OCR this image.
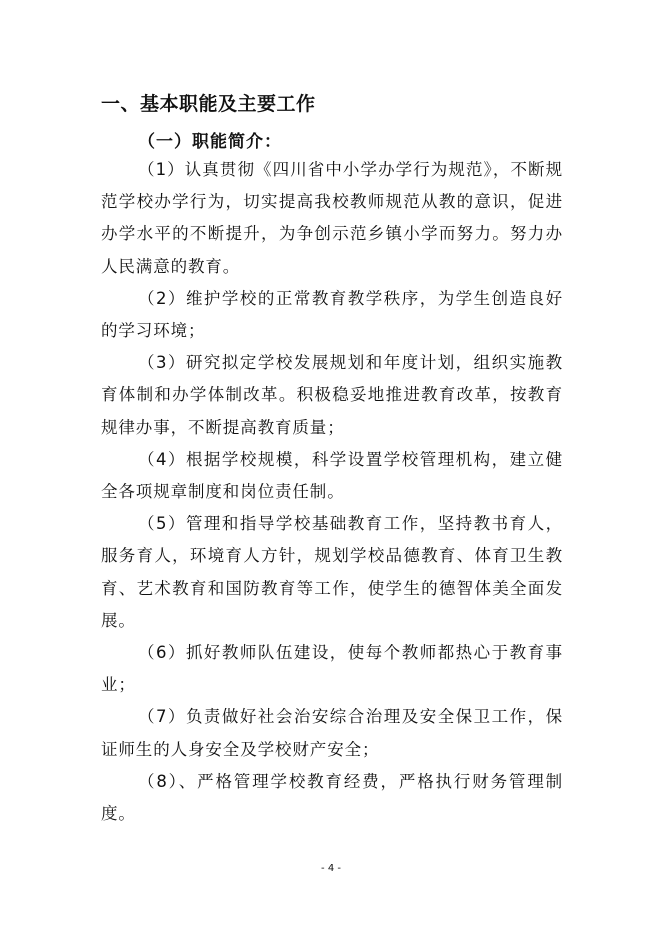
一、基本职能及主要工作
（一）职能简介：

（1）认真贯彻《四川省中小学办学行为规范》，不断规范学校办学行为，切实提高我校教师规范从教的意识，促进办学水平的不断提升，为争创示范乡镇小学而努力。努力办人民满意的教育。

（2）维护学校的正常教育教学秩序，为学生创造良好的学习环境；

（3）研究拟定学校发展规划和年度计划，组织实施教育体制和办学体制改革。积极稳妥地推进教育改革，按教育规律办事，不断提高教育质量；

（4）根据学校规模，科学设置学校管理机构，建立健全各项规章制度和岗位责任制。

（5）管理和指导学校基础教育工作，坚持教书育人，服务育人，环境育人方针，规划学校品德教育、体育卫生教育、艺术教育和国防教育等工作，使学生的德智体美全面发展。

（6）抓好教师队伍建设，使每个教师都热心于教育事业；

（7）负责做好社会治安综合治理及安全保卫工作，保证师生的人身安全及学校财产安全；

（8）、严格管理学校教育经费，严格执行财务管理制度。

- 4 -
